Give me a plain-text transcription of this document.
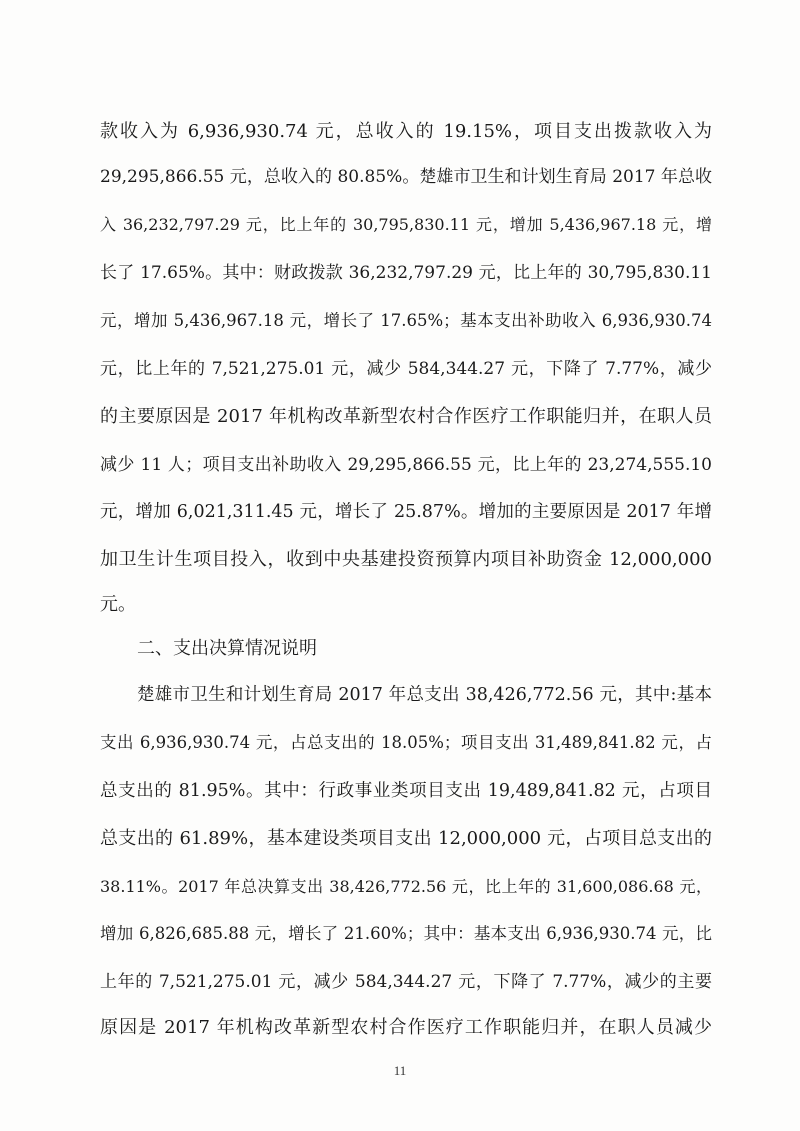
款收入为 6,936,930.74 元，总收入的 19.15%，项目支出拨款收入为
29,295,866.55 元，总收入的 80.85%。楚雄市卫生和计划生育局 2017 年总收
入 36,232,797.29 元，比上年的 30,795,830.11 元，增加 5,436,967.18 元，增
长了 17.65%。其中：财政拨款 36,232,797.29 元，比上年的 30,795,830.11
元，增加 5,436,967.18 元，增长了 17.65%；基本支出补助收入 6,936,930.74
元，比上年的 7,521,275.01 元，减少 584,344.27 元，下降了 7.77%，减少
的主要原因是 2017 年机构改革新型农村合作医疗工作职能归并，在职人员
减少 11 人；项目支出补助收入 29,295,866.55 元，比上年的 23,274,555.10
元，增加 6,021,311.45 元，增长了 25.87%。增加的主要原因是 2017 年增
加卫生计生项目投入，收到中央基建投资预算内项目补助资金 12,000,000
元。
二、支出决算情况说明
楚雄市卫生和计划生育局 2017 年总支出 38,426,772.56 元，其中:基本
支出 6,936,930.74 元，占总支出的 18.05%；项目支出 31,489,841.82 元，占
总支出的 81.95%。其中：行政事业类项目支出 19,489,841.82 元，占项目
总支出的 61.89%，基本建设类项目支出 12,000,000 元，占项目总支出的
38.11%。2017 年总决算支出 38,426,772.56 元，比上年的 31,600,086.68 元，
增加 6,826,685.88 元，增长了 21.60%；其中：基本支出 6,936,930.74 元，比
上年的 7,521,275.01 元，减少 584,344.27 元，下降了 7.77%，减少的主要
原因是 2017 年机构改革新型农村合作医疗工作职能归并，在职人员减少
11
